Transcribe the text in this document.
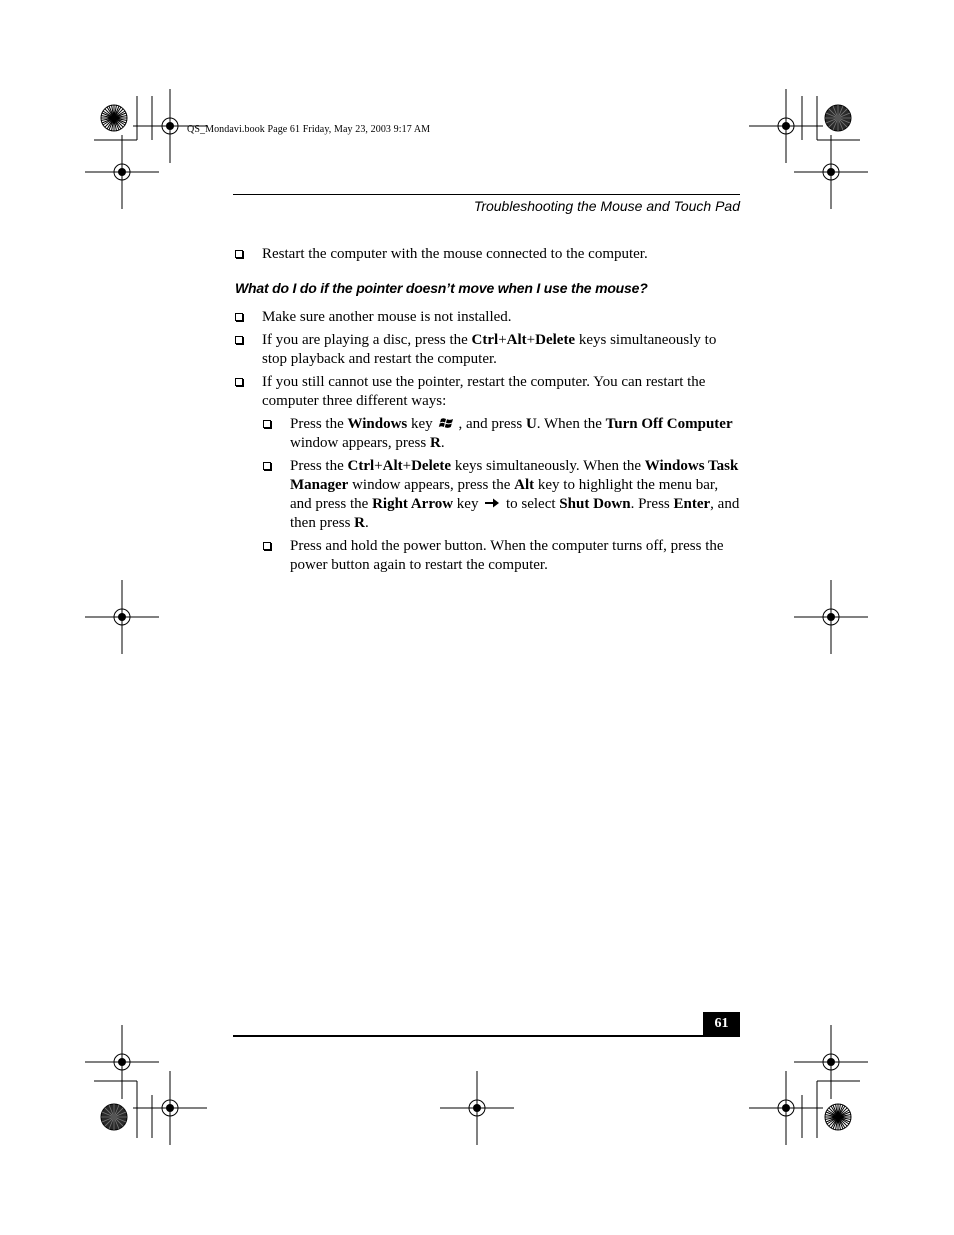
QS_Mondavi.book Page 61 Friday, May 23, 2003 9:17 AM
Troubleshooting the Mouse and Touch Pad
Restart the computer with the mouse connected to the computer.
What do I do if the pointer doesn’t move when I use the mouse?
Make sure another mouse is not installed.
If you are playing a disc, press the Ctrl+Alt+Delete keys simultaneously to stop playback and restart the computer.
If you still cannot use the pointer, restart the computer. You can restart the computer three different ways:
Press the Windows key , and press U. When the Turn Off Computer window appears, press R.
Press the Ctrl+Alt+Delete keys simultaneously. When the Windows Task Manager window appears, press the Alt key to highlight the menu bar, and press the Right Arrow key  to select Shut Down. Press Enter, and then press R.
Press and hold the power button. When the computer turns off, press the power button again to restart the computer.
61
